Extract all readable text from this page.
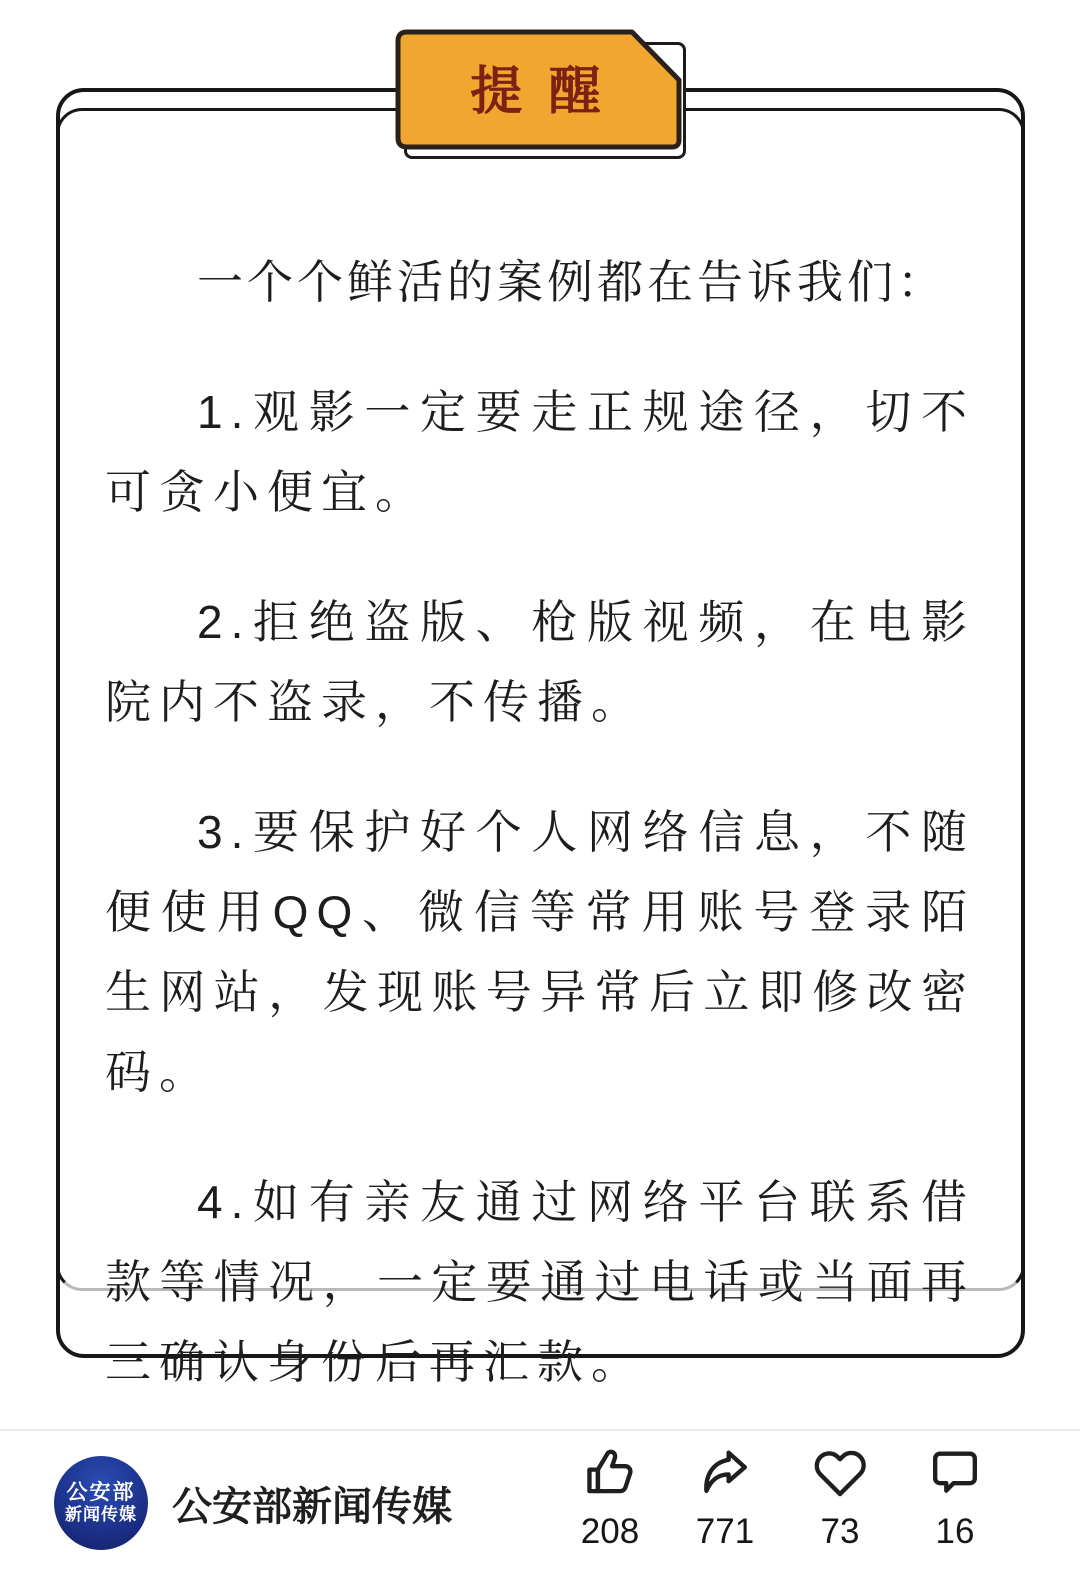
一个个鲜活的案例都在告诉我们：

1.观影一定要走正规途径，切不可贪小便宜。

2.拒绝盗版、枪版视频，在电影院内不盗录，不传播。

3.要保护好个人网络信息，不随便使用QQ、微信等常用账号登录陌生网站，发现账号异常后立即修改密码。

4.如有亲友通过网络平台联系借款等情况，一定要通过电话或当面再三确认身份后再汇款。

提 醒
公安部
新闻传媒 公安部新闻传媒
208 771 73 16
